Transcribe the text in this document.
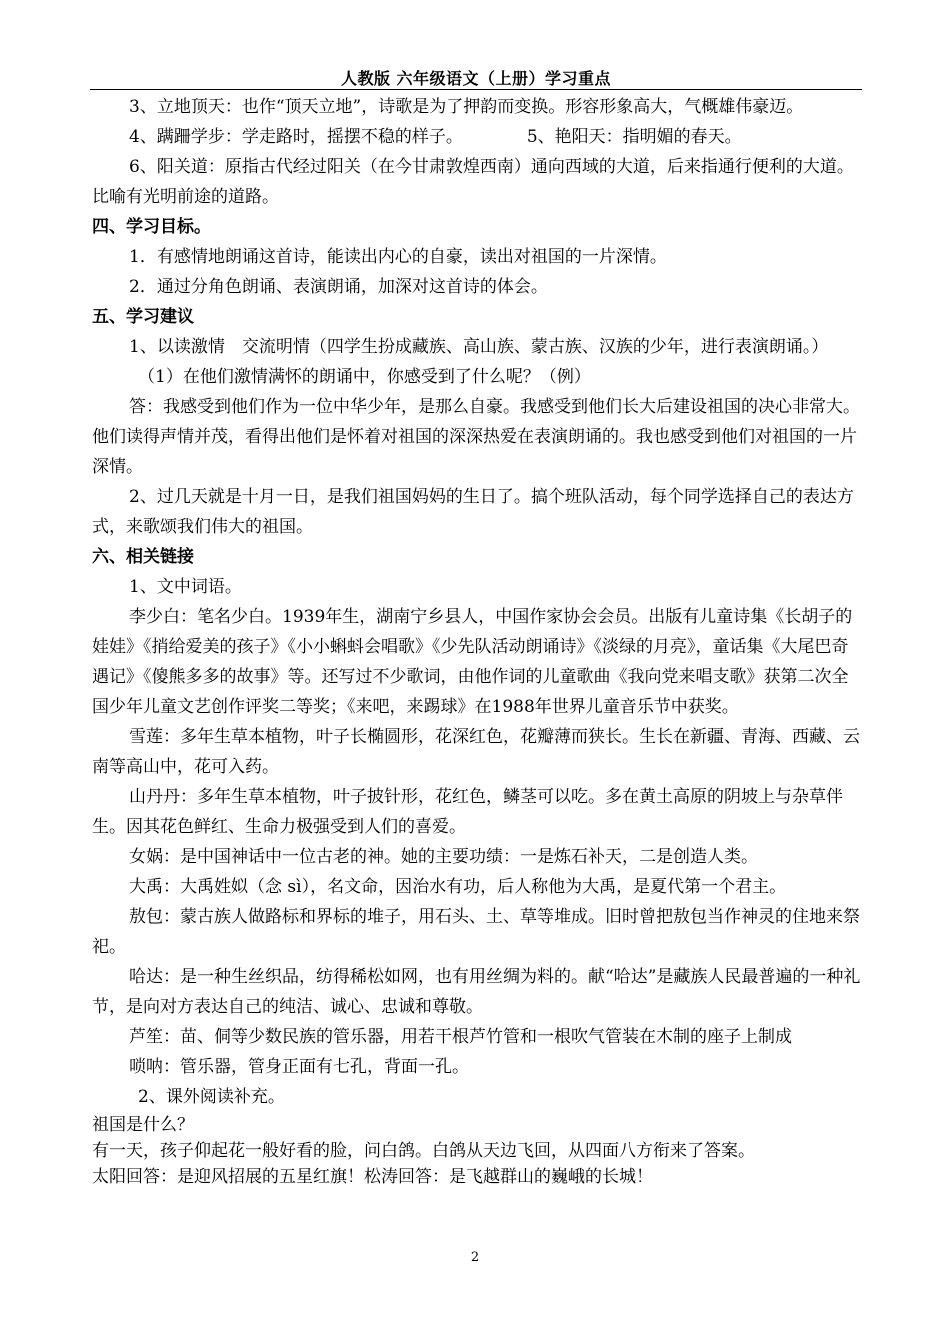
人教版 六年级语文（上册）学习重点

3、立地顶天：也作“顶天立地”，诗歌是为了押韵而变换。形容形象高大，气概雄伟豪迈。

4、蹒跚学步：学走路时，摇摆不稳的样子。	5、艳阳天：指明媚的春天。

6、阳关道：原指古代经过阳关（在今甘肃敦煌西南）通向西域的大道，后来指通行便利的大道。比喻有光明前途的道路。

四、学习目标。

1．有感情地朗诵这首诗，能读出内心的自豪，读出对祖国的一片深情。

2．通过分角色朗诵、表演朗诵，加深对这首诗的体会。

五、学习建议

1、以读激情　交流明情（四学生扮成藏族、高山族、蒙古族、汉族的少年，进行表演朗诵。）

（1）在他们激情满怀的朗诵中，你感受到了什么呢？（例）

答：我感受到他们作为一位中华少年，是那么自豪。我感受到他们长大后建设祖国的决心非常大。他们读得声情并茂，看得出他们是怀着对祖国的深深热爱在表演朗诵的。我也感受到他们对祖国的一片深情。

2、过几天就是十月一日，是我们祖国妈妈的生日了。搞个班队活动，每个同学选择自己的表达方式，来歌颂我们伟大的祖国。

六、相关链接

1、文中词语。

李少白：笔名少白。1939年生，湖南宁乡县人，中国作家协会会员。出版有儿童诗集《长胡子的娃娃》《捎给爱美的孩子》《小小蝌蚪会唱歌》《少先队活动朗诵诗》《淡绿的月亮》，童话集《大尾巴奇遇记》《傻熊多多的故事》等。还写过不少歌词，由他作词的儿童歌曲《我向党来唱支歌》获第二次全国少年儿童文艺创作评奖二等奖；《来吧，来踢球》在1988年世界儿童音乐节中获奖。

雪莲：多年生草本植物，叶子长椭圆形，花深红色，花瓣薄而狭长。生长在新疆、青海、西藏、云南等高山中，花可入药。

山丹丹：多年生草本植物，叶子披针形，花红色，鳞茎可以吃。多在黄土高原的阴坡上与杂草伴生。因其花色鲜红、生命力极强受到人们的喜爱。

女娲：是中国神话中一位古老的神。她的主要功绩：一是炼石补天，二是创造人类。

大禹：大禹姓姒（念 sì），名文命，因治水有功，后人称他为大禹，是夏代第一个君主。

敖包：蒙古族人做路标和界标的堆子，用石头、土、草等堆成。旧时曾把敖包当作神灵的住地来祭祀。

哈达：是一种生丝织品，纺得稀松如网，也有用丝绸为料的。献“哈达”是藏族人民最普遍的一种礼节，是向对方表达自己的纯洁、诚心、忠诚和尊敬。

芦笙：苗、侗等少数民族的管乐器，用若干根芦竹管和一根吹气管装在木制的座子上制成

唢呐：管乐器，管身正面有七孔，背面一孔。

2、课外阅读补充。

祖国是什么？

有一天，孩子仰起花一般好看的脸，问白鸽。白鸽从天边飞回，从四面八方衔来了答案。

太阳回答：是迎风招展的五星红旗！松涛回答：是飞越群山的巍峨的长城！

2
